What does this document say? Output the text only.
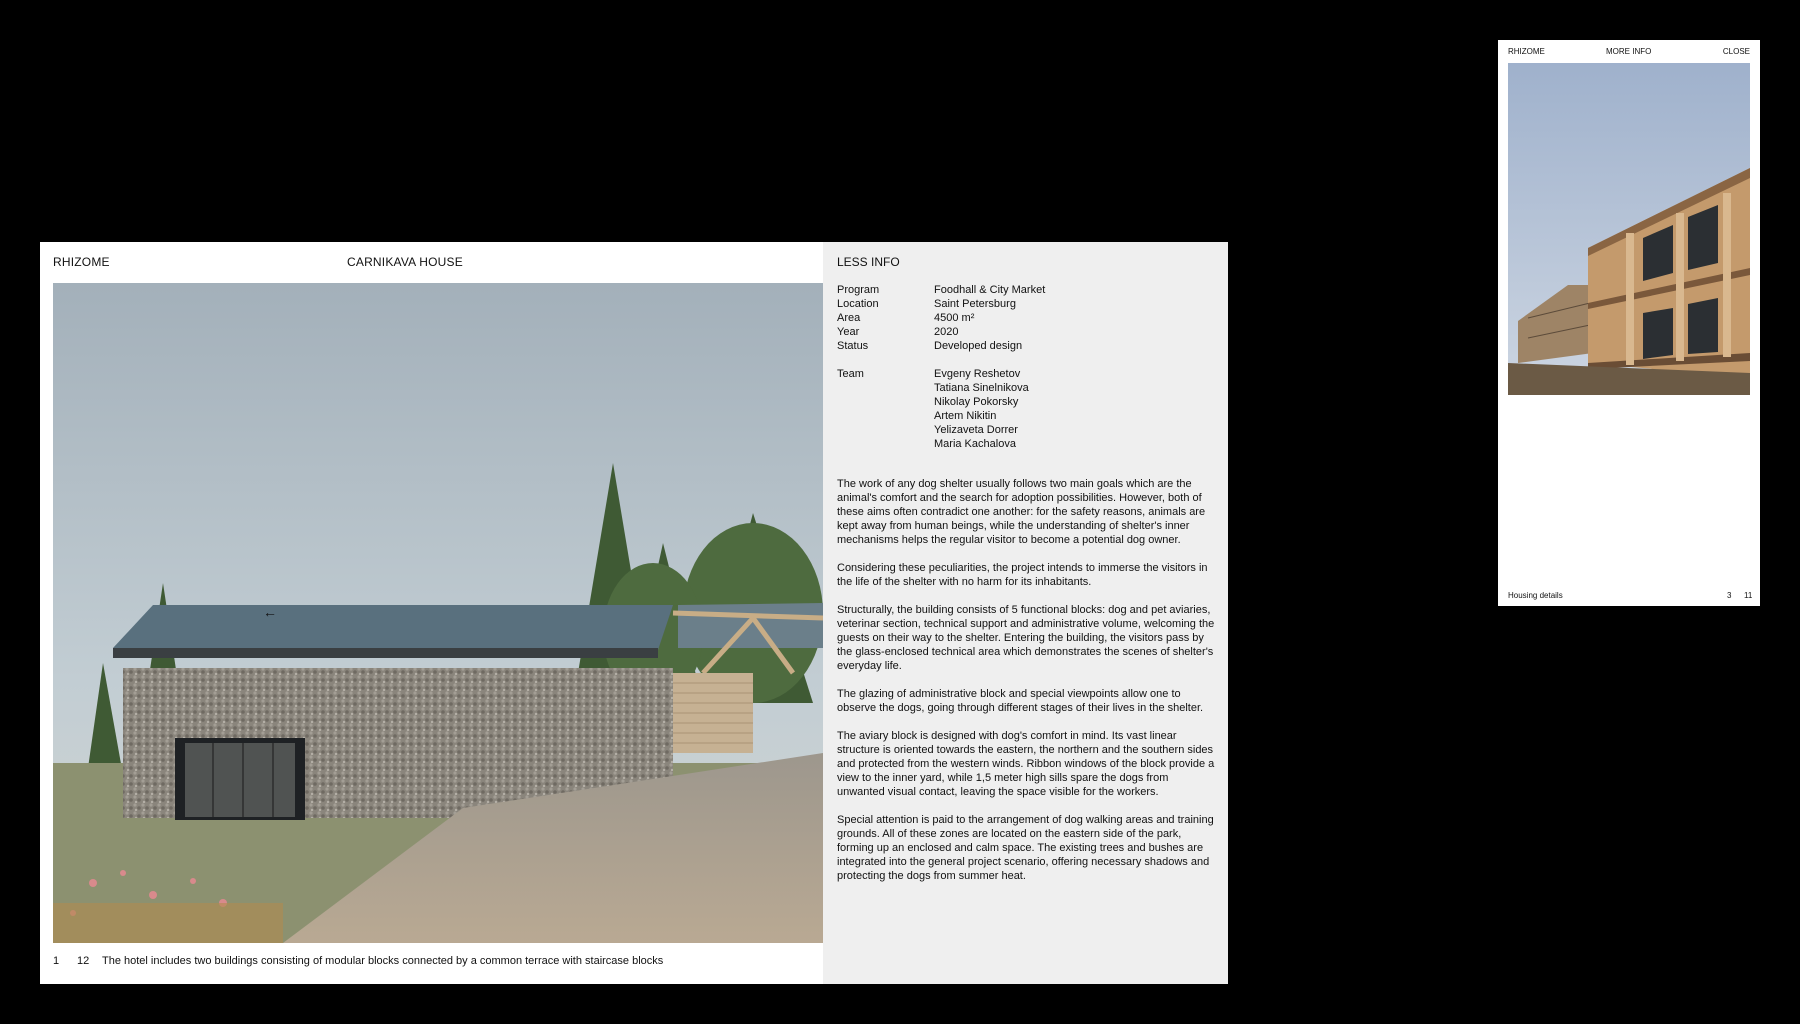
RHIZOME	CARNIKAVA HOUSE
←
1	12	The hotel includes two buildings consisting of modular blocks connected by a common terrace with staircase blocks
LESS INFO
Program	Foodhall & City Market
Location	Saint Petersburg
Area	4500 m²
Year	2020
Status	Developed design
Team	Evgeny Reshetov
Tatiana Sinelnikova
Nikolay Pokorsky
Artem Nikitin
Yelizaveta Dorrer
Maria Kachalova

The work of any dog shelter usually follows two main goals which are the animal's comfort and the search for adoption possibilities. However, both of these aims often contradict one another: for the safety reasons, animals are kept away from human beings, while the understanding of shelter's inner mechanisms helps the regular visitor to become a potential dog owner.

Considering these peculiarities, the project intends to immerse the visitors in the life of the shelter with no harm for its inhabitants.

Structurally, the building consists of 5 functional blocks: dog and pet aviaries, veterinar section, technical support and administrative volume, welcoming the guests on their way to the shelter. Entering the building, the visitors pass by the glass-enclosed technical area which demonstrates the scenes of shelter's everyday life.

The glazing of administrative block and special viewpoints allow one to observe the dogs, going through different stages of their lives in the shelter.

The aviary block is designed with dog's comfort in mind. Its vast linear structure is oriented towards the eastern, the northern and the southern sides and protected from the western winds. Ribbon windows of the block provide a view to the inner yard, while 1,5 meter high sills spare the dogs from unwanted visual contact, leaving the space visible for the workers.

Special attention is paid to the arrangement of dog walking areas and training grounds. All of these zones are located on the eastern side of the park, forming up an enclosed and calm space. The existing trees and bushes are integrated into the general project scenario, offering necessary shadows and protecting the dogs from summer heat.

RHIZOME	MORE INFO	CLOSE
Housing details	3 11
